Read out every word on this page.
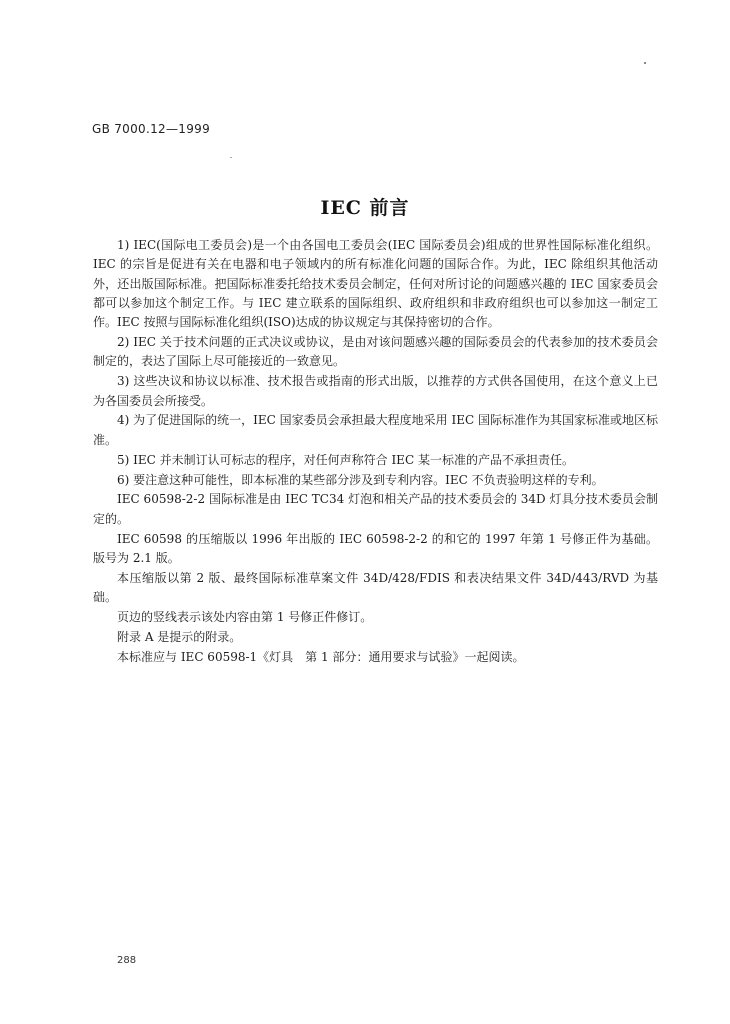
GB 7000.12—1999
IEC 前言

1) IEC(国际电工委员会)是一个由各国电工委员会(IEC 国际委员会)组成的世界性国际标准化组织。IEC 的宗旨是促进有关在电器和电子领域内的所有标准化问题的国际合作。为此，IEC 除组织其他活动外，还出版国际标准。把国际标准委托给技术委员会制定，任何对所讨论的问题感兴趣的 IEC 国家委员会都可以参加这个制定工作。与 IEC 建立联系的国际组织、政府组织和非政府组织也可以参加这一制定工作。IEC 按照与国际标准化组织(ISO)达成的协议规定与其保持密切的合作。

2) IEC 关于技术问题的正式决议或协议，是由对该问题感兴趣的国际委员会的代表参加的技术委员会制定的，表达了国际上尽可能接近的一致意见。

3) 这些决议和协议以标准、技术报告或指南的形式出版，以推荐的方式供各国使用，在这个意义上已为各国委员会所接受。

4) 为了促进国际的统一，IEC 国家委员会承担最大程度地采用 IEC 国际标准作为其国家标准或地区标准。

5) IEC 并未制订认可标志的程序，对任何声称符合 IEC 某一标准的产品不承担责任。

6) 要注意这种可能性，即本标准的某些部分涉及到专利内容。IEC 不负责验明这样的专利。

IEC 60598-2-2 国际标准是由 IEC TC34 灯泡和相关产品的技术委员会的 34D 灯具分技术委员会制定的。

IEC 60598 的压缩版以 1996 年出版的 IEC 60598-2-2 的和它的 1997 年第 1 号修正件为基础。版号为 2.1 版。

本压缩版以第 2 版、最终国际标准草案文件 34D/428/FDIS 和表决结果文件 34D/443/RVD 为基础。

页边的竖线表示该处内容由第 1 号修正件修订。

附录 A 是提示的附录。

本标准应与 IEC 60598-1《灯具　第 1 部分：通用要求与试验》一起阅读。

288
